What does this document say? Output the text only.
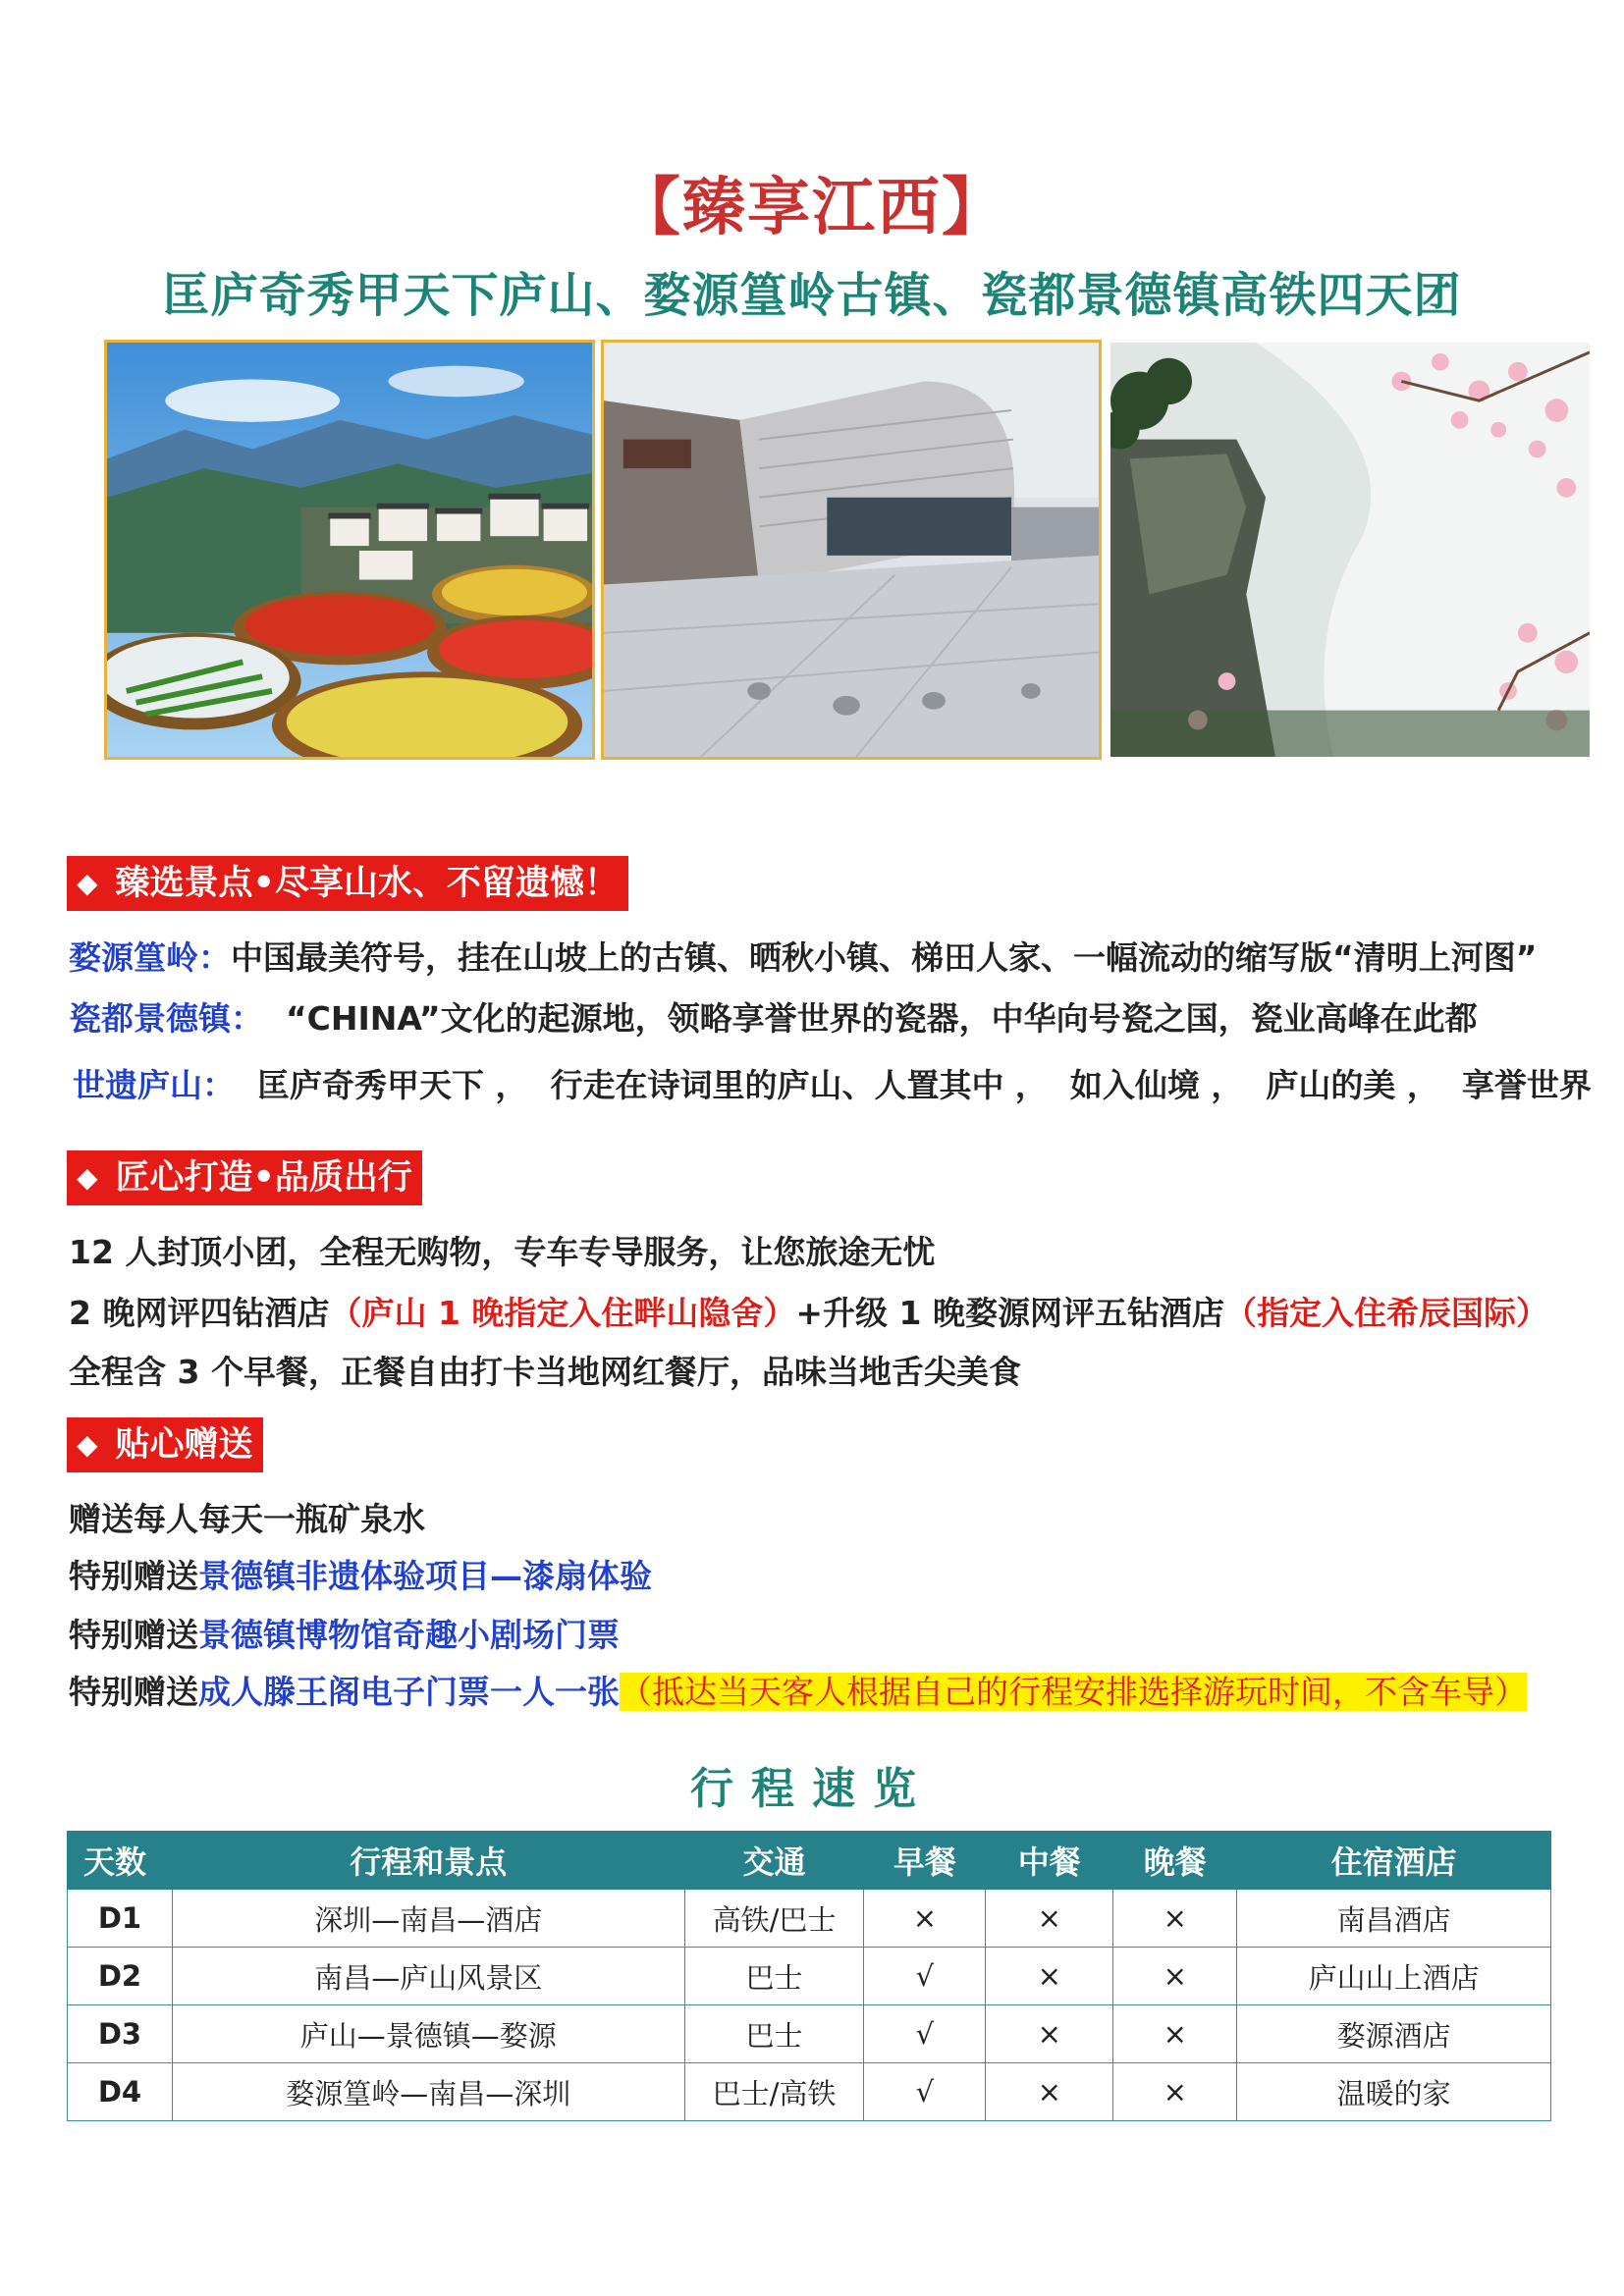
【臻享江西】
匡庐奇秀甲天下庐山、婺源篁岭古镇、瓷都景德镇高铁四天团
◆ 臻选景点•尽享山水、不留遗憾！
婺源篁岭：中国最美符号，挂在山坡上的古镇、晒秋小镇、梯田人家、一幅流动的缩写版“清明上河图”
瓷都景德镇：  “CHINA”文化的起源地，领略享誉世界的瓷器，中华向号瓷之国，瓷业高峰在此都
世遗庐山：  匡庐奇秀甲天下 ，  行走在诗词里的庐山、人置其中 ，  如入仙境 ，  庐山的美 ，  享誉世界
◆ 匠心打造•品质出行
12 人封顶小团，全程无购物，专车专导服务，让您旅途无忧
2 晚网评四钻酒店（庐山 1 晚指定入住畔山隐舍）+升级 1 晚婺源网评五钻酒店（指定入住希辰国际）
全程含 3 个早餐，正餐自由打卡当地网红餐厅，品味当地舌尖美食
◆ 贴心赠送
赠送每人每天一瓶矿泉水
特别赠送景德镇非遗体验项目—漆扇体验
特别赠送景德镇博物馆奇趣小剧场门票
特别赠送成人滕王阁电子门票一人一张（抵达当天客人根据自己的行程安排选择游玩时间，不含车导）
行程速览
天数	行程和景点	交通	早餐	中餐	晚餐	住宿酒店
D1	深圳—南昌—酒店	高铁/巴士	×	×	×	南昌酒店
D2	南昌—庐山风景区	巴士	√	×	×	庐山山上酒店
D3	庐山—景德镇—婺源	巴士	√	×	×	婺源酒店
D4	婺源篁岭—南昌—深圳	巴士/高铁	√	×	×	温暖的家
